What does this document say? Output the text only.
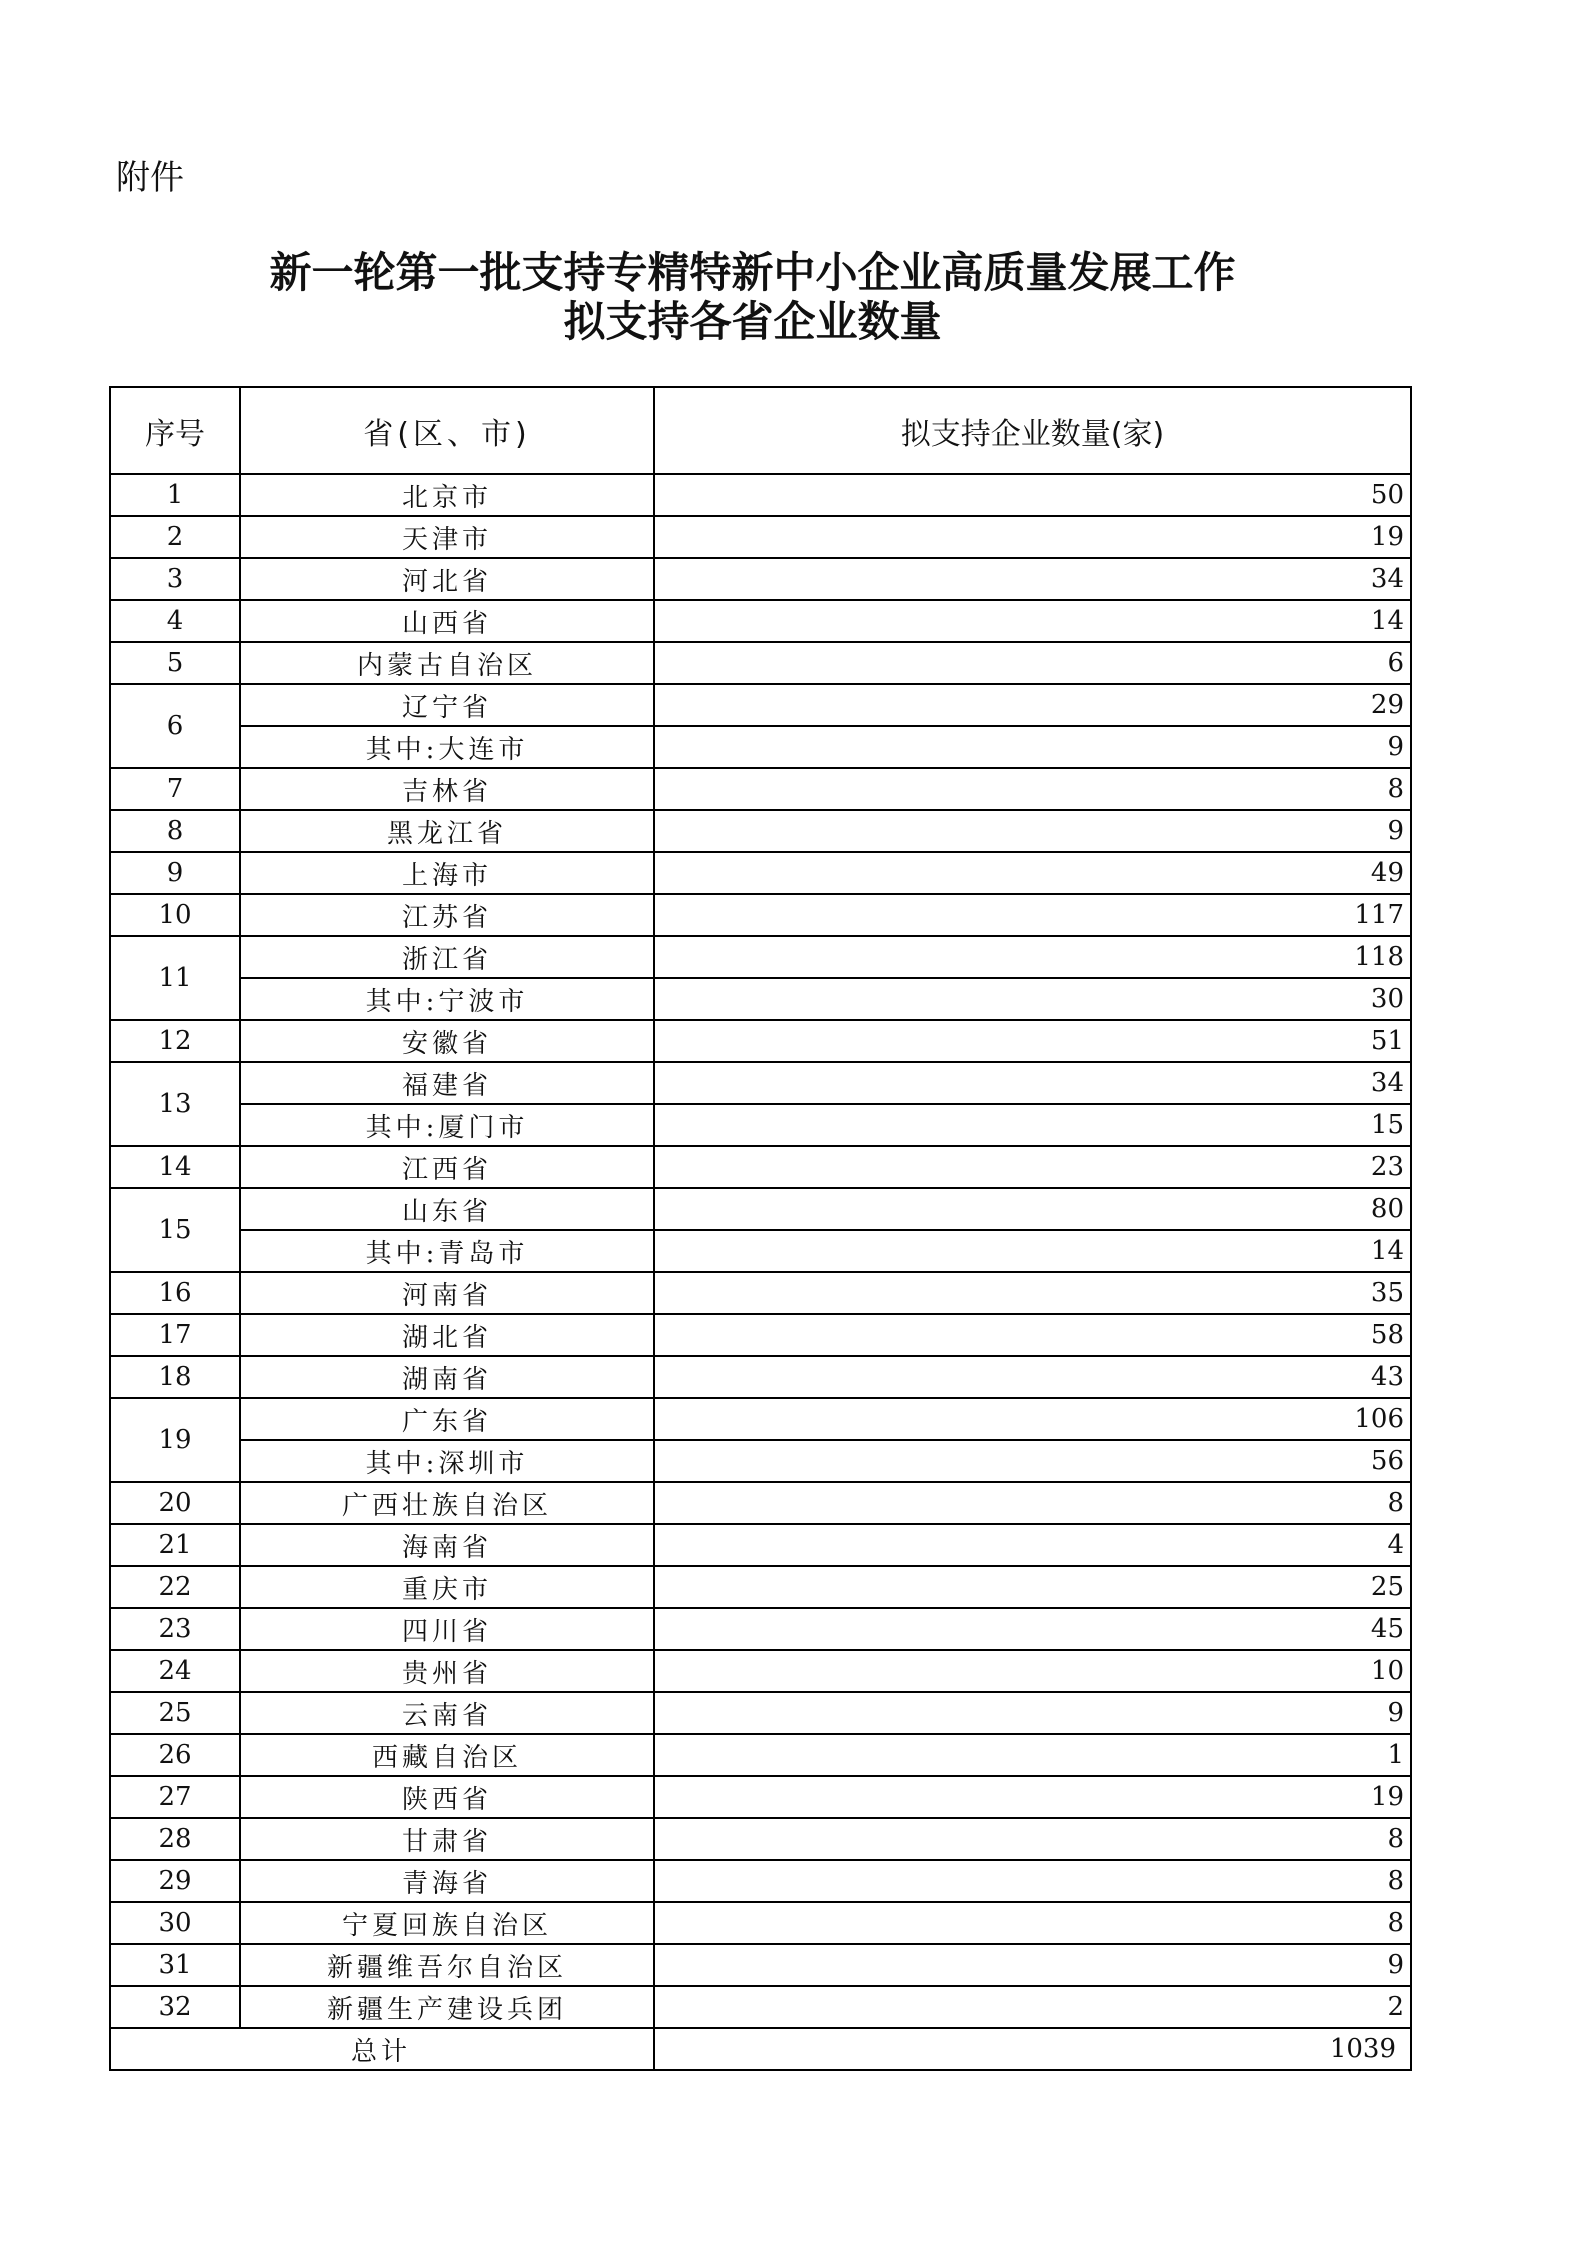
附件
新一轮第一批支持专精特新中小企业高质量发展工作
拟支持各省企业数量
序号	省(区、市)	拟支持企业数量(家)
1	北京市	50
2	天津市	19
3	河北省	34
4	山西省	14
5	内蒙古自治区	6
6	辽宁省	29
	其中:大连市	9
7	吉林省	8
8	黑龙江省	9
9	上海市	49
10	江苏省	117
11	浙江省	118
	其中:宁波市	30
12	安徽省	51
13	福建省	34
	其中:厦门市	15
14	江西省	23
15	山东省	80
	其中:青岛市	14
16	河南省	35
17	湖北省	58
18	湖南省	43
19	广东省	106
	其中:深圳市	56
20	广西壮族自治区	8
21	海南省	4
22	重庆市	25
23	四川省	45
24	贵州省	10
25	云南省	9
26	西藏自治区	1
27	陕西省	19
28	甘肃省	8
29	青海省	8
30	宁夏回族自治区	8
31	新疆维吾尔自治区	9
32	新疆生产建设兵团	2
总计		1039
